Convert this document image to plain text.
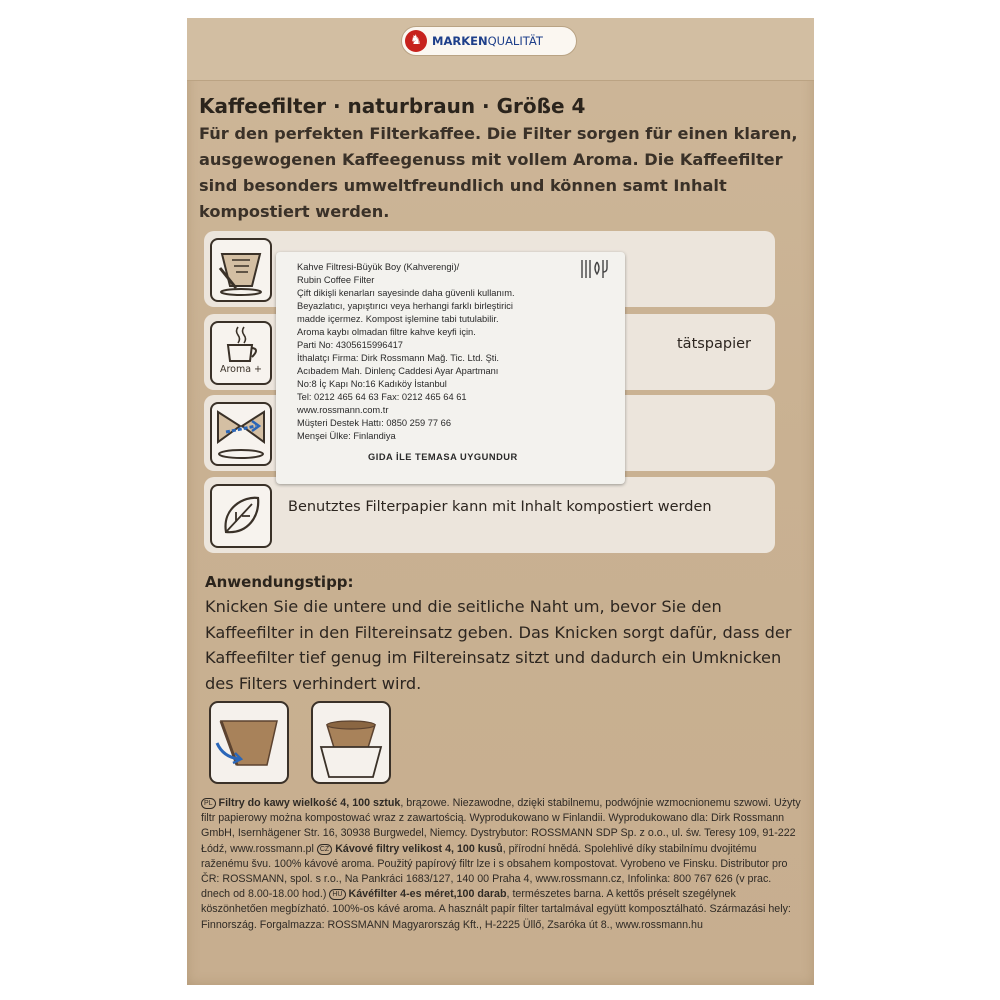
♞ MARKEN QUALITÄT
Kaffeefilter · naturbraun · Größe 4
Für den perfekten Filterkaffee. Die Filter sorgen für einen klaren, ausgewogenen Kaffeegenuss mit vollem Aroma. Die Kaffeefilter sind besonders umweltfreundlich und können samt Inhalt kompostiert werden.
Aroma +
tätspapier
Benutztes Filterpapier kann mit Inhalt kompostiert werden
Kahve Filtresi-Büyük Boy (Kahverengi)/
Rubin Coffee Filter
Çift dikişli kenarları sayesinde daha güvenli kullanım.
Beyazlatıcı, yapıştırıcı veya herhangi farklı birleştirici
madde içermez. Kompost işlemine tabi tutulabilir.
Aroma kaybı olmadan filtre kahve keyfi için.
Parti No: 4305615996417
İthalatçı Firma: Dirk Rossmann Mağ. Tic. Ltd. Şti.
Acıbadem Mah. Dinlenç Caddesi Ayar Apartmanı
No:8 İç Kapı No:16 Kadıköy İstanbul
Tel: 0212 465 64 63 Fax: 0212 465 64 61
www.rossmann.com.tr
Müşteri Destek Hattı: 0850 259 77 66
Menşei Ülke: Finlandiya
GIDA İLE TEMASA UYGUNDUR
Anwendungstipp:
Knicken Sie die untere und die seitliche Naht um, bevor Sie den Kaffeefilter in den Filtereinsatz geben. Das Knicken sorgt dafür, dass der Kaffeefilter tief genug im Filtereinsatz sitzt und dadurch ein Umknicken des Filters verhindert wird.
PL Filtry do kawy wielkość 4, 100 sztuk, brązowe. Niezawodne, dzięki stabilnemu, podwójnie wzmocnionemu szwowi. Użyty filtr papierowy można kompostować wraz z zawartością. Wyprodukowano w Finlandii. Wyprodukowano dla: Dirk Rossmann GmbH, Isernhägener Str. 16, 30938 Burgwedel, Niemcy. Dystrybutor: ROSSMANN SDP Sp. z o.o., ul. św. Teresy 109, 91-222 Łódź, www.rossmann.pl CZ Kávové filtry velikost 4, 100 kusů, přírodní hnědá. Spolehlivé díky stabilnímu dvojitému raženému švu. 100% kávové aroma. Použitý papírový filtr lze i s obsahem kompostovat. Vyrobeno ve Finsku. Distributor pro ČR: ROSSMANN, spol. s r.o., Na Pankráci 1683/127, 140 00 Praha 4, www.rossmann.cz, Infolinka: 800 767 626 (v prac. dnech od 8.00-18.00 hod.) HU Kávéfilter 4-es méret,100 darab, természetes barna. A kettős préselt szegélynek köszönhetően megbízható. 100%-os kávé aroma. A használt papír filter tartalmával együtt komposztálható. Származási hely: Finnország. Forgalmazza: ROSSMANN Magyarország Kft., H-2225 Üllő, Zsaróka út 8., www.rossmann.hu
